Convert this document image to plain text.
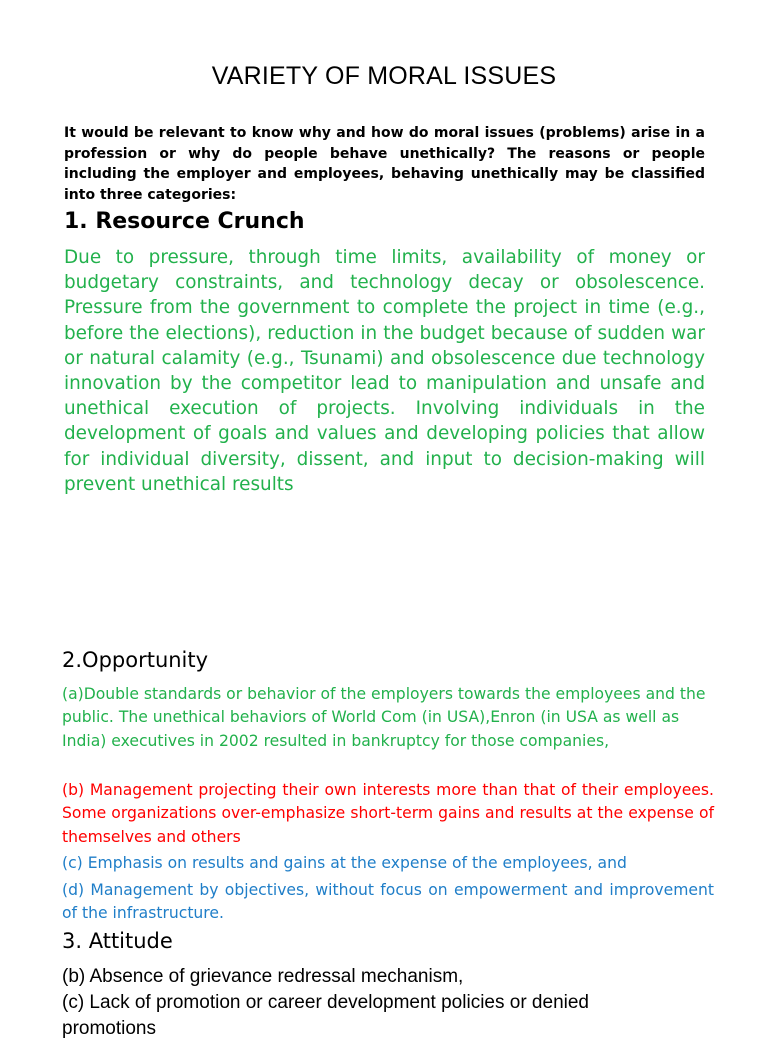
VARIETY OF MORAL ISSUES

It would be relevant to know why and how do moral issues (problems) arise in a profession or why do people behave unethically? The reasons or people including the employer and employees, behaving unethically may be classified into three categories:

1. Resource Crunch

Due to pressure, through time limits, availability of money or budgetary constraints, and technology decay or obsolescence. Pressure from the government to complete the project in time (e.g., before the elections), reduction in the budget because of sudden war or natural calamity (e.g., Tsunami) and obsolescence due technology innovation by the competitor lead to manipulation and unsafe and unethical execution of projects. Involving individuals in the development of goals and values and developing policies that allow for individual diversity, dissent, and input to decision-making will prevent unethical results

2.Opportunity

(a)Double standards or behavior of the employers towards the employees and the public. The unethical behaviors of World Com (in USA),Enron (in USA as well as India) executives in 2002 resulted in bankruptcy for those companies,

(b) Management projecting their own interests more than that of their employees. Some organizations over-emphasize short-term gains and results at the expense of themselves and others

(c) Emphasis on results and gains at the expense of the employees, and

(d) Management by objectives, without focus on empowerment and improvement of the infrastructure.

3. Attitude

(b) Absence of grievance redressal mechanism,

(c) Lack of promotion or career development policies or denied

promotions
